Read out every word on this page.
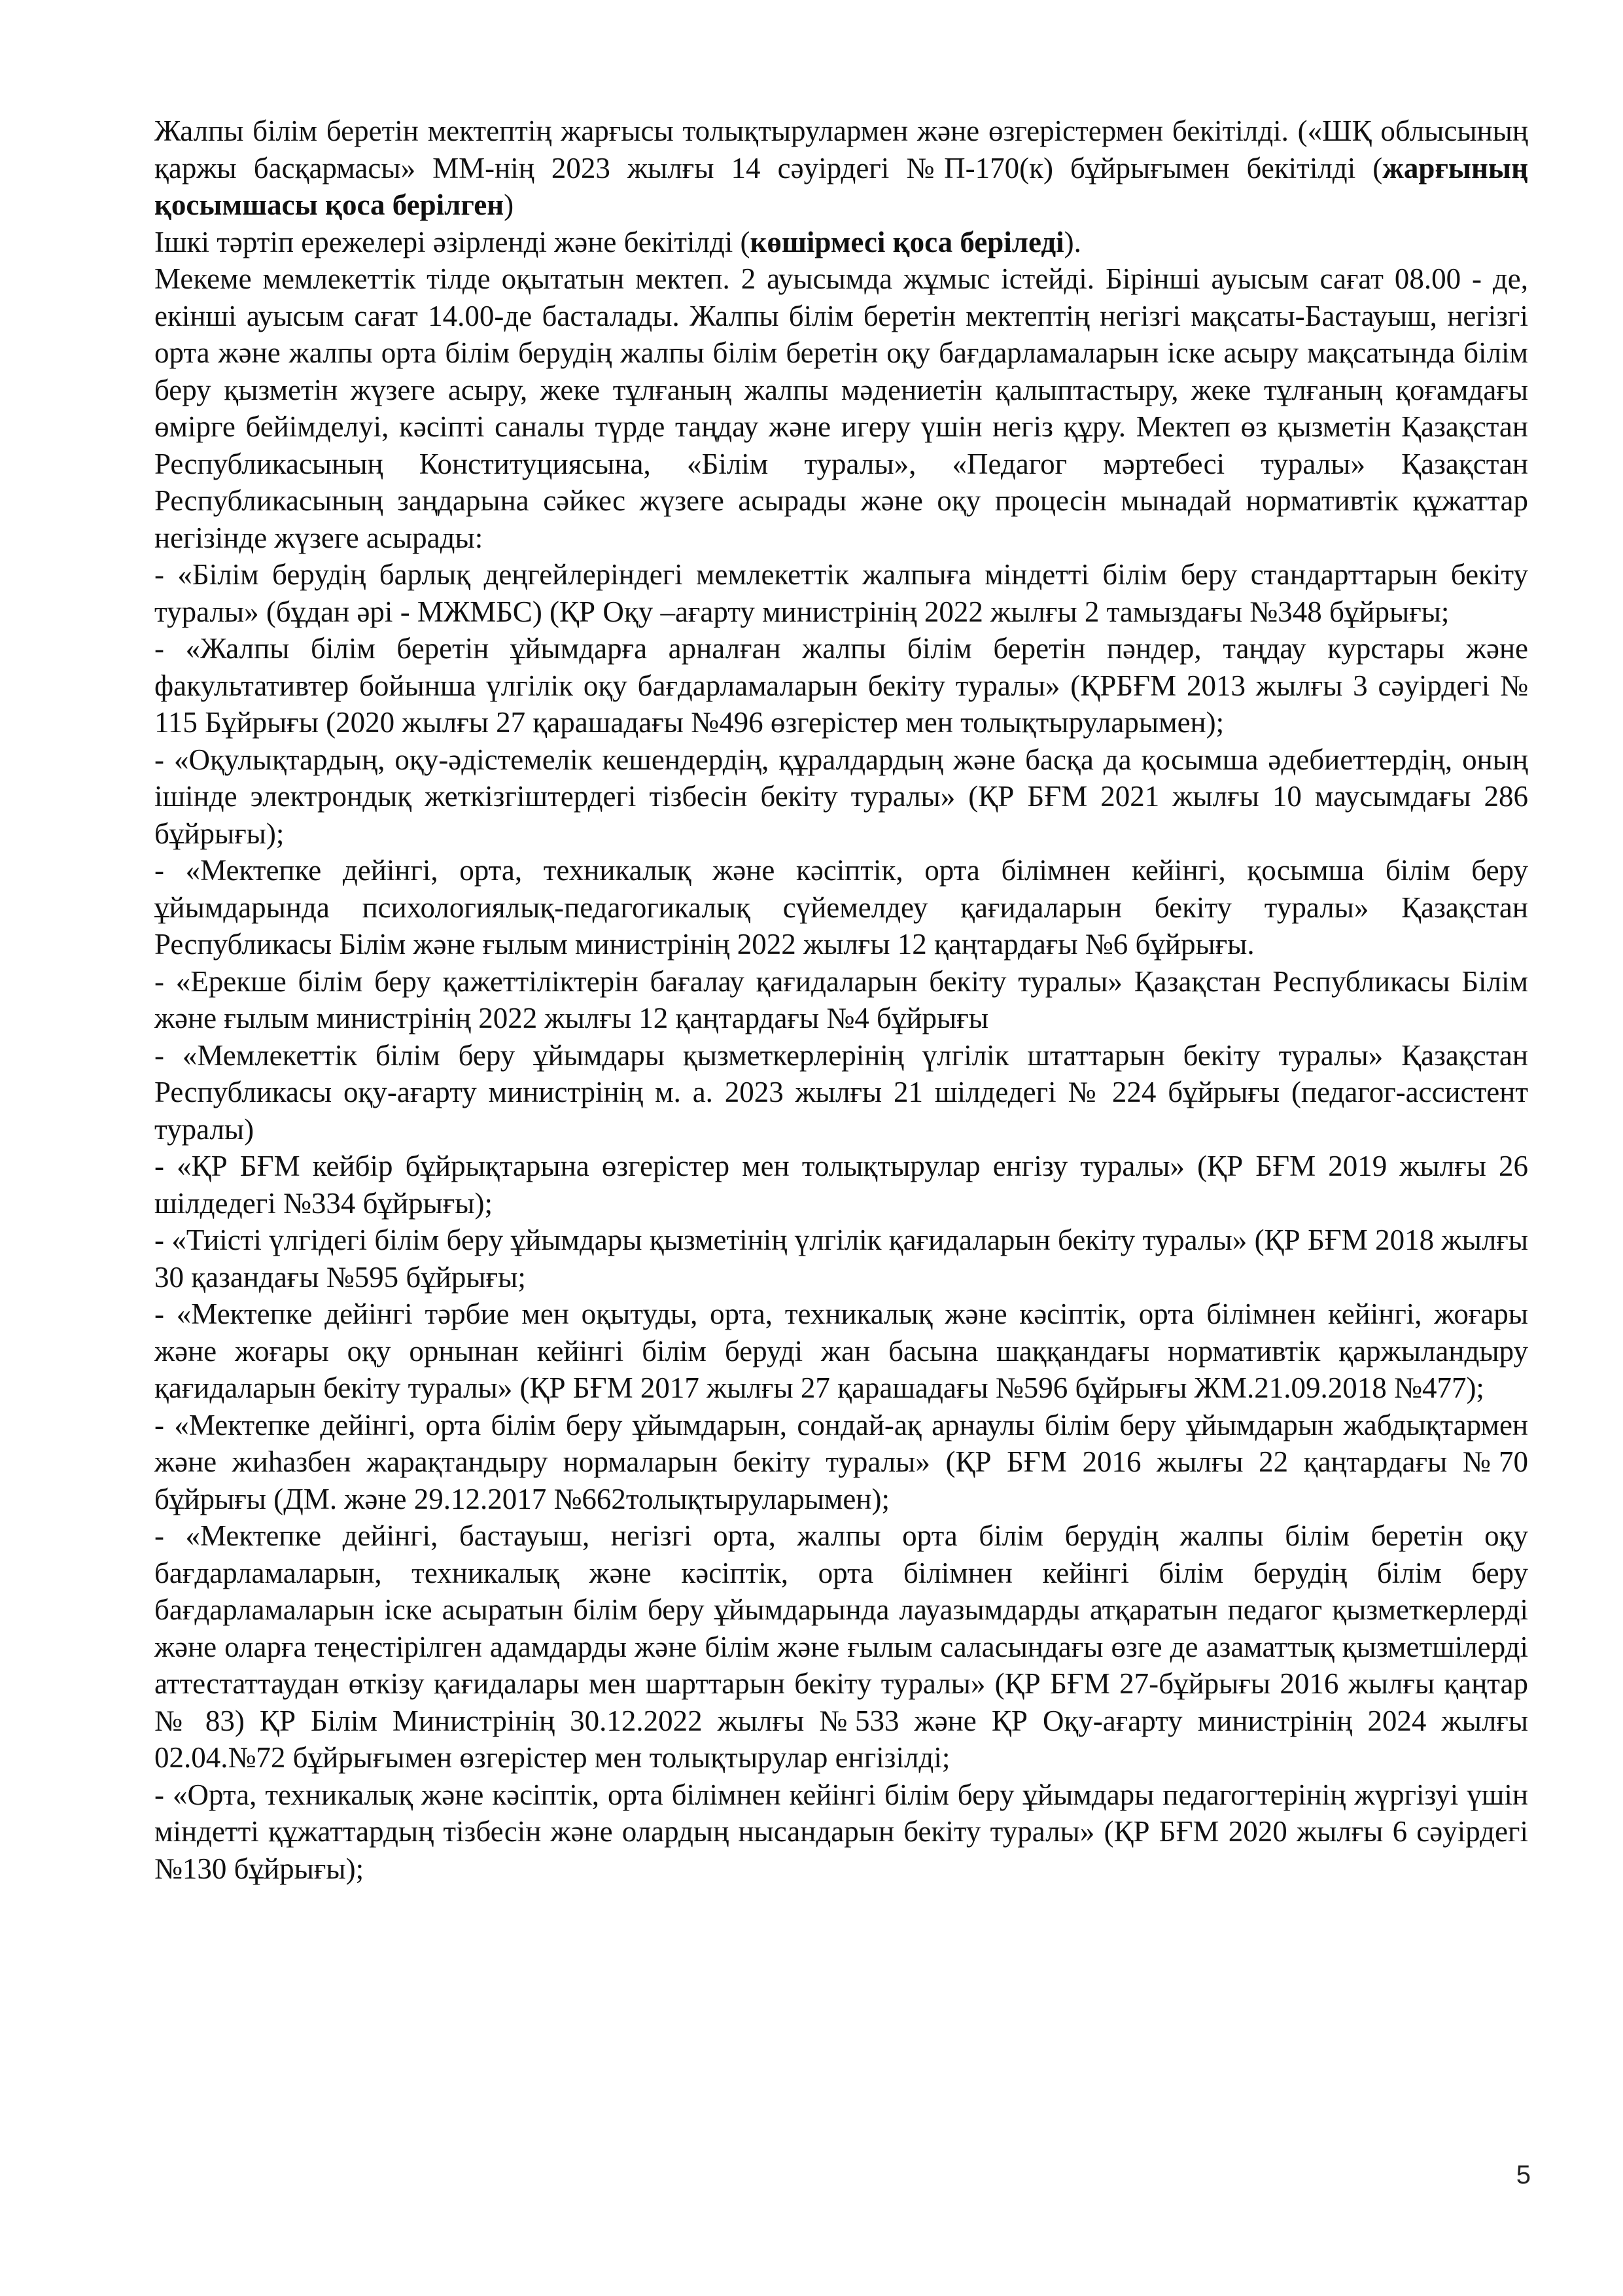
Жалпы білім беретін мектептің жарғысы толықтырулармен және өзгерістермен бекітілді. («ШҚ облысының қаржы басқармасы» ММ-нің 2023 жылғы 14 сәуірдегі №П-170(к) бұйрығымен бекітілді (жарғының қосымшасы қоса берілген)

Ішкі тәртіп ережелері әзірленді және бекітілді (көшірмесі қоса беріледі).

Мекеме мемлекеттік тілде оқытатын мектеп. 2 ауысымда жұмыс істейді. Бірінші ауысым сағат 08.00 - де, екінші ауысым сағат 14.00-де басталады. Жалпы білім беретін мектептің негізгі мақсаты-Бастауыш, негізгі орта және жалпы орта білім берудің жалпы білім беретін оқу бағдарламаларын іске асыру мақсатында білім беру қызметін жүзеге асыру, жеке тұлғаның жалпы мәдениетін қалыптастыру, жеке тұлғаның қоғамдағы өмірге бейімделуі, кәсіпті саналы түрде таңдау және игеру үшін негіз құру. Мектеп өз қызметін Қазақстан Республикасының Конституциясына, «Білім туралы», «Педагог мәртебесі туралы» Қазақстан Республикасының заңдарына сәйкес жүзеге асырады және оқу процесін мынадай нормативтік құжаттар негізінде жүзеге асырады:

- «Білім берудің барлық деңгейлеріндегі мемлекеттік жалпыға міндетті білім беру стандарттарын бекіту туралы» (бұдан әрі - МЖМБС) (ҚР Оқу –ағарту министрінің 2022 жылғы 2 тамыздағы №348 бұйрығы;

- «Жалпы білім беретін ұйымдарға арналған жалпы білім беретін пәндер, таңдау курстары және факультативтер бойынша үлгілік оқу бағдарламаларын бекіту туралы» (ҚРБҒМ 2013 жылғы 3 сәуірдегі № 115 Бұйрығы (2020 жылғы 27 қарашадағы №496 өзгерістер мен толықтыруларымен);

- «Оқулықтардың, оқу-әдістемелік кешендердің, құралдардың және басқа да қосымша әдебиеттердің, оның ішінде электрондық жеткізгіштердегі тізбесін бекіту туралы» (ҚР БҒМ 2021 жылғы 10 маусымдағы 286 бұйрығы);

- «Мектепке дейінгі, орта, техникалық және кәсіптік, орта білімнен кейінгі, қосымша білім беру ұйымдарында психологиялық-педагогикалық сүйемелдеу қағидаларын бекіту туралы» Қазақстан Республикасы Білім және ғылым министрінің 2022 жылғы 12 қаңтардағы №6 бұйрығы.

- «Ерекше білім беру қажеттіліктерін бағалау қағидаларын бекіту туралы» Қазақстан Республикасы Білім және ғылым министрінің 2022 жылғы 12 қаңтардағы №4 бұйрығы

- «Мемлекеттік білім беру ұйымдары қызметкерлерінің үлгілік штаттарын бекіту туралы» Қазақстан Республикасы оқу-ағарту министрінің м. а. 2023 жылғы 21 шілдедегі № 224 бұйрығы (педагог-ассистент туралы)

- «ҚР БҒМ кейбір бұйрықтарына өзгерістер мен толықтырулар енгізу туралы» (ҚР БҒМ 2019 жылғы 26 шілдедегі №334 бұйрығы);

- «Тиісті үлгідегі білім беру ұйымдары қызметінің үлгілік қағидаларын бекіту туралы» (ҚР БҒМ 2018 жылғы 30 қазандағы №595 бұйрығы;

- «Мектепке дейінгі тәрбие мен оқытуды, орта, техникалық және кәсіптік, орта білімнен кейінгі, жоғары және жоғары оқу орнынан кейінгі білім беруді жан басына шаққандағы нормативтік қаржыландыру қағидаларын бекіту туралы» (ҚР БҒМ 2017 жылғы 27 қарашадағы №596 бұйрығы ЖМ.21.09.2018 №477);

- «Мектепке дейінгі, орта білім беру ұйымдарын, сондай-ақ арнаулы білім беру ұйымдарын жабдықтармен және жиһазбен жарақтандыру нормаларын бекіту туралы» (ҚР БҒМ 2016 жылғы 22 қаңтардағы №70 бұйрығы (ДМ. және 29.12.2017 №662толықтыруларымен);

- «Мектепке дейінгі, бастауыш, негізгі орта, жалпы орта білім берудің жалпы білім беретін оқу бағдарламаларын, техникалық және кәсіптік, орта білімнен кейінгі білім берудің білім беру бағдарламаларын іске асыратын білім беру ұйымдарында лауазымдарды атқаратын педагог қызметкерлерді және оларға теңестірілген адамдарды және білім және ғылым саласындағы өзге де азаматтық қызметшілерді аттестаттаудан өткізу қағидалары мен шарттарын бекіту туралы» (ҚР БҒМ 27-бұйрығы 2016 жылғы қаңтар № 83) ҚР Білім Министрінің 30.12.2022 жылғы №533 және ҚР Оқу-ағарту министрінің 2024 жылғы 02.04.№72 бұйрығымен өзгерістер мен толықтырулар енгізілді;

- «Орта, техникалық және кәсіптік, орта білімнен кейінгі білім беру ұйымдары педагогтерінің жүргізуі үшін міндетті құжаттардың тізбесін және олардың нысандарын бекіту туралы» (ҚР БҒМ 2020 жылғы 6 сәуірдегі №130 бұйрығы);

5
